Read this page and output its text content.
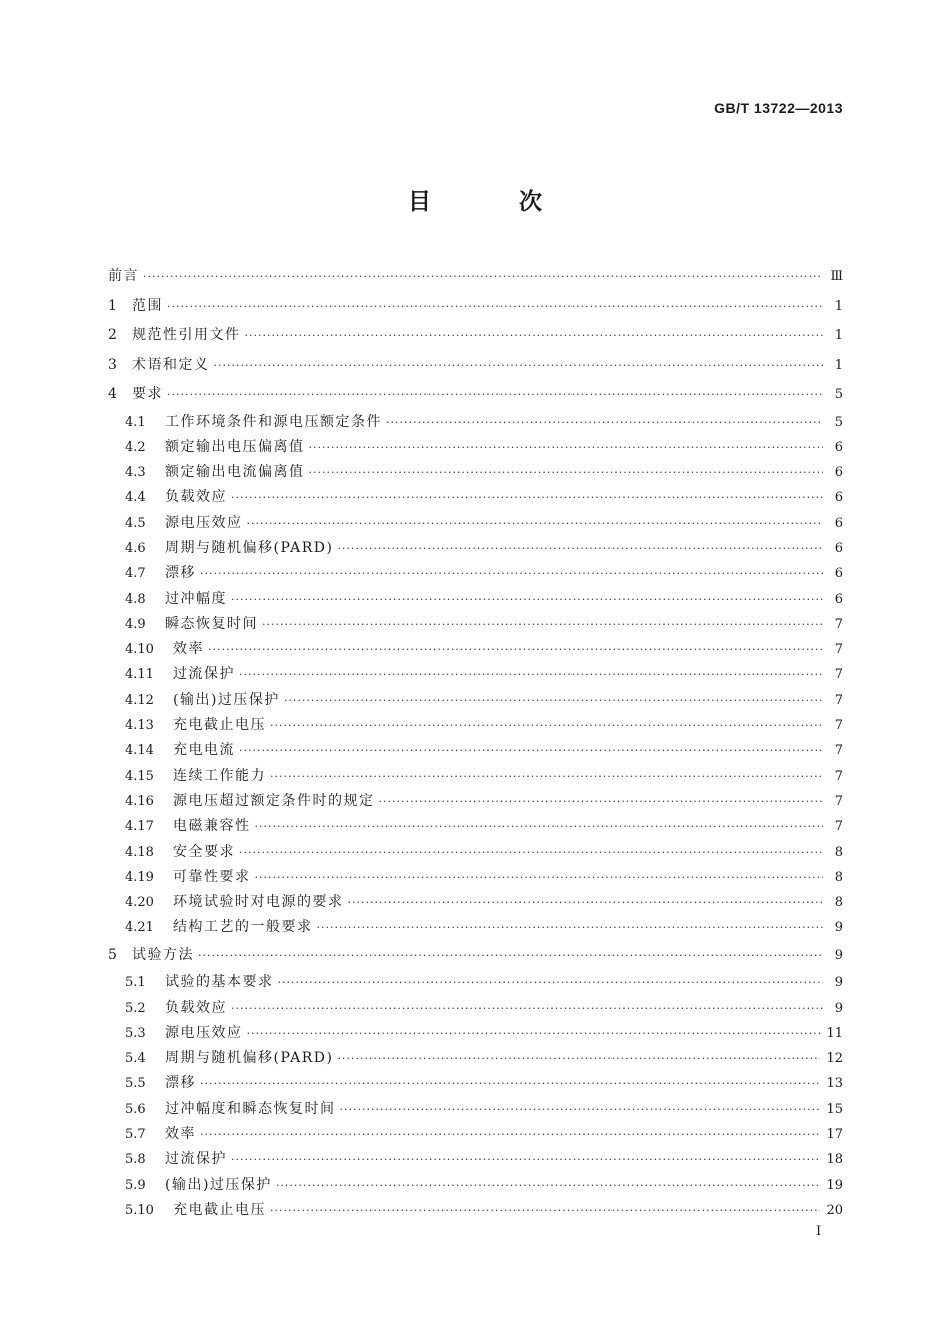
GB/T 13722—2013
目 次
前言 ·····	Ⅲ
1	范围 ·····	1
2	规范性引用文件 ·····	1
3	术语和定义 ·····	1
4	要求 ·····	5
4.1	工作环境条件和源电压额定条件 ·····	5
4.2	额定输出电压偏离值 ·····	6
4.3	额定输出电流偏离值 ·····	6
4.4	负载效应 ·····	6
4.5	源电压效应 ·····	6
4.6	周期与随机偏移(PARD) ·····	6
4.7	漂移 ·····	6
4.8	过冲幅度 ·····	6
4.9	瞬态恢复时间 ·····	7
4.10	效率 ·····	7
4.11	过流保护 ·····	7
4.12	(输出)过压保护 ·····	7
4.13	充电截止电压 ·····	7
4.14	充电电流 ·····	7
4.15	连续工作能力 ·····	7
4.16	源电压超过额定条件时的规定 ·····	7
4.17	电磁兼容性 ·····	7
4.18	安全要求 ·····	8
4.19	可靠性要求 ·····	8
4.20	环境试验时对电源的要求 ·····	8
4.21	结构工艺的一般要求 ·····	9
5	试验方法 ·····	9
5.1	试验的基本要求 ·····	9
5.2	负载效应 ·····	9
5.3	源电压效应 ·····	11
5.4	周期与随机偏移(PARD) ·····	12
5.5	漂移 ·····	13
5.6	过冲幅度和瞬态恢复时间 ·····	15
5.7	效率 ·····	17
5.8	过流保护 ·····	18
5.9	(输出)过压保护 ·····	19
5.10	充电截止电压 ·····	20
I
